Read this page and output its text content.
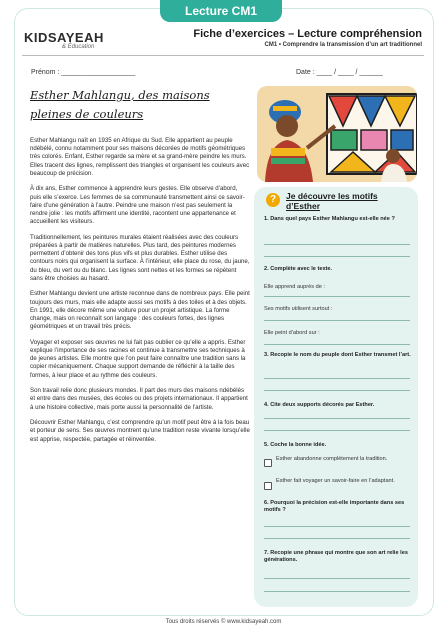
Lecture CM1
KIDSAYEAH
& Éducation
Fiche d’exercices – Lecture compréhension
CM1 • Comprendre la transmission d’un art traditionnel
Prénom : ___________________	Date : ____ / ____ / ______
Esther Mahlangu, des maisons pleines de couleurs

Esther Mahlangu naît en 1935 en Afrique du Sud. Elle appartient au peuple ndébélé, connu notamment pour ses maisons décorées de motifs géométriques très colorés. Enfant, Esther regarde sa mère et sa grand-mère peindre les murs. Elles tracent des lignes, remplissent des triangles et organisent les couleurs avec beaucoup de précision.

À dix ans, Esther commence à apprendre leurs gestes. Elle observe d’abord, puis elle s’exerce. Les femmes de sa communauté transmettent ainsi ce savoir-faire d’une génération à l’autre. Peindre une maison n’est pas seulement la rendre jolie : les motifs affirment une identité, racontent une appartenance et accueillent les visiteurs.

Traditionnellement, les peintures murales étaient réalisées avec des couleurs préparées à partir de matières naturelles. Plus tard, des peintures modernes permettent d’obtenir des tons plus vifs et plus durables. Esther utilise des contours noirs qui organisent la surface. À l’intérieur, elle place du rose, du jaune, du bleu, du vert ou du blanc. Les lignes sont nettes et les formes se répètent sans être choisies au hasard.

Esther Mahlangu devient une artiste reconnue dans de nombreux pays. Elle peint toujours des murs, mais elle adapte aussi ses motifs à des toiles et à des objets. En 1991, elle décore même une voiture pour un projet artistique. La forme change, mais on reconnaît son langage : des couleurs fortes, des lignes géométriques et un travail très précis.

Voyager et exposer ses œuvres ne lui fait pas oublier ce qu’elle a appris. Esther explique l’importance de ses racines et continue à transmettre ses techniques à de jeunes artistes. Elle montre que l’on peut faire connaître une tradition sans la copier mécaniquement. Chaque support demande de réfléchir à la taille des formes, à leur place et au rythme des couleurs.

Son travail relie donc plusieurs mondes. Il part des murs des maisons ndébélés et entre dans des musées, des écoles ou des projets internationaux. Il appartient à une histoire collective, mais porte aussi la personnalité de l’artiste.

Découvrir Esther Mahlangu, c’est comprendre qu’un motif peut être à la fois beau et porteur de sens. Ses œuvres montrent qu’une tradition reste vivante lorsqu’elle est apprise, respectée, partagée et réinventée.

?	Je découvre les motifs d’Esther
1. Dans quel pays Esther Mahlangu est-elle née ?
2. Complète avec le texte.
Elle apprend auprès de :
Ses motifs utilisent surtout :
Elle peint d’abord sur :
3. Recopie le nom du peuple dont Esther transmet l’art.
4. Cite deux supports décorés par Esther.
5. Coche la bonne idée.
Esther abandonne complètement la tradition.
Esther fait voyager un savoir-faire en l’adaptant.
6. Pourquoi la précision est-elle importante dans ses motifs ?
7. Recopie une phrase qui montre que son art relie les générations.
Tous droits réservés © www.kidsayeah.com
